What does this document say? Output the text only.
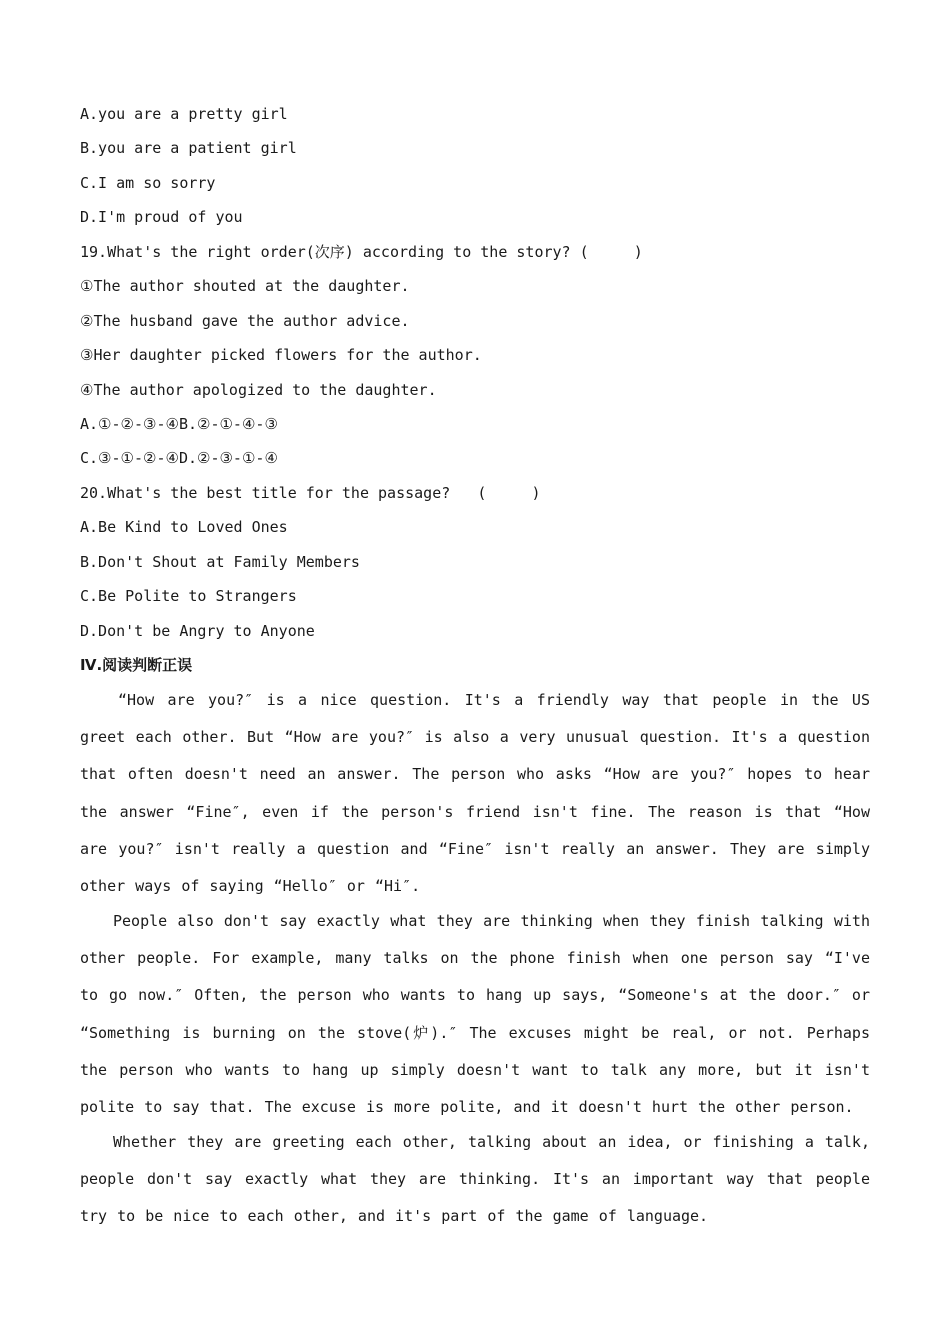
A.you are a pretty girl
B.you are a patient girl
C.I am so sorry
D.I'm proud of you
19.What's the right order(次序) according to the story? (     )
①The author shouted at the daughter.
②The husband gave the author advice.
③Her daughter picked flowers for the author.
④The author apologized to the daughter.
A.①-②-③-④B.②-①-④-③
C.③-①-②-④D.②-③-①-④
20.What's the best title for the passage?   (     )
A.Be Kind to Loved Ones
B.Don't Shout at Family Members
C.Be Polite to Strangers
D.Don't be Angry to Anyone
Ⅳ.阅读判断正误
“How are you?″ is a nice question. It's a friendly way that people in the US greet each other. But “How are you?″ is also a very unusual question. It's a question that often doesn't need an answer. The person who asks “How are you?″ hopes to hear the answer “Fine″, even if the person's friend isn't fine. The reason is that “How are you?″ isn't really a question and “Fine″ isn't really an answer. They are simply other ways of saying “Hello″ or “Hi″.
People also don't say exactly what they are thinking when they finish talking with other people. For example, many talks on the phone finish when one person say “I've to go now.″ Often, the person who wants to hang up says, “Someone's at the door.″ or “Something is burning on the stove(炉).″ The excuses might be real, or not. Perhaps the person who wants to hang up simply doesn't want to talk any more, but it isn't polite to say that. The excuse is more polite, and it doesn't hurt the other person.
Whether they are greeting each other, talking about an idea, or finishing a talk, people don't say exactly what they are thinking. It's an important way that people try to be nice to each other, and it's part of the game of language.
